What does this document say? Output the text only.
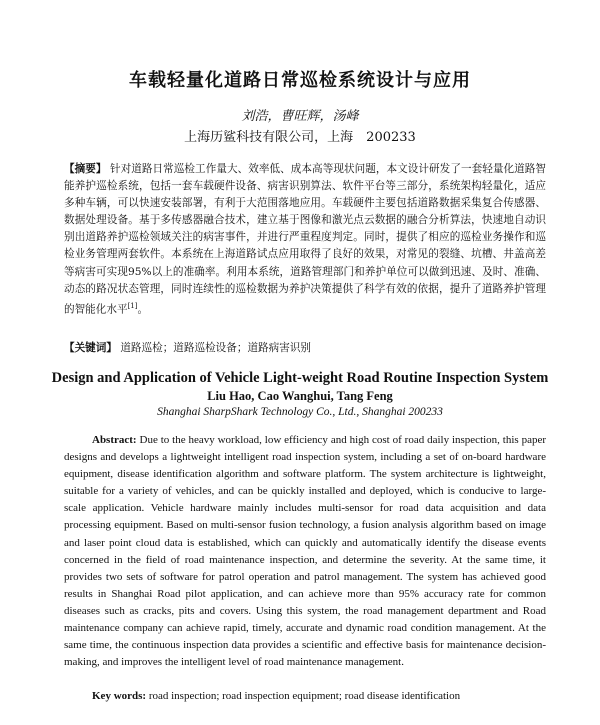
车载轻量化道路日常巡检系统设计与应用
刘浩，曹旺辉，汤峰
上海历鲨科技有限公司，上海　200233
【摘要】 针对道路日常巡检工作量大、效率低、成本高等现状问题，本文设计研发了一套轻量化道路智能养护巡检系统，包括一套车载硬件设备、病害识别算法、软件平台等三部分，系统架构轻量化，适应多种车辆，可以快速安装部署，有利于大范围落地应用。车载硬件主要包括道路数据采集复合传感器、数据处理设备。基于多传感器融合技术，建立基于图像和激光点云数据的融合分析算法，快速地自动识别出道路养护巡检领域关注的病害事件，并进行严重程度判定。同时，提供了相应的巡检业务操作和巡检业务管理两套软件。本系统在上海道路试点应用取得了良好的效果，对常见的裂缝、坑槽、井盖高差等病害可实现95%以上的准确率。利用本系统，道路管理部门和养护单位可以做到迅速、及时、准确、动态的路况状态管理，同时连续性的巡检数据为养护决策提供了科学有效的依据，提升了道路养护管理的智能化水平[1]。
【关键词】 道路巡检；道路巡检设备；道路病害识别
Design and Application of Vehicle Light-weight Road Routine Inspection System
Liu Hao, Cao Wanghui, Tang Feng
Shanghai SharpShark Technology Co., Ltd., Shanghai 200233
Abstract: Due to the heavy workload, low efficiency and high cost of road daily inspection, this paper designs and develops a lightweight intelligent road inspection system, including a set of on-board hardware equipment, disease identification algorithm and software platform. The system architecture is lightweight, suitable for a variety of vehicles, and can be quickly installed and deployed, which is conducive to large-scale application. Vehicle hardware mainly includes multi-sensor for road data acquisition and data processing equipment. Based on multi-sensor fusion technology, a fusion analysis algorithm based on image and laser point cloud data is established, which can quickly and automatically identify the disease events concerned in the field of road maintenance inspection, and determine the severity. At the same time, it provides two sets of software for patrol operation and patrol management. The system has achieved good results in Shanghai Road pilot application, and can achieve more than 95% accuracy rate for common diseases such as cracks, pits and covers. Using this system, the road management department and Road maintenance company can achieve rapid, timely, accurate and dynamic road condition management. At the same time, the continuous inspection data provides a scientific and effective basis for maintenance decision-making, and improves the intelligent level of road maintenance management.
Key words: road inspection; road inspection equipment; road disease identification
